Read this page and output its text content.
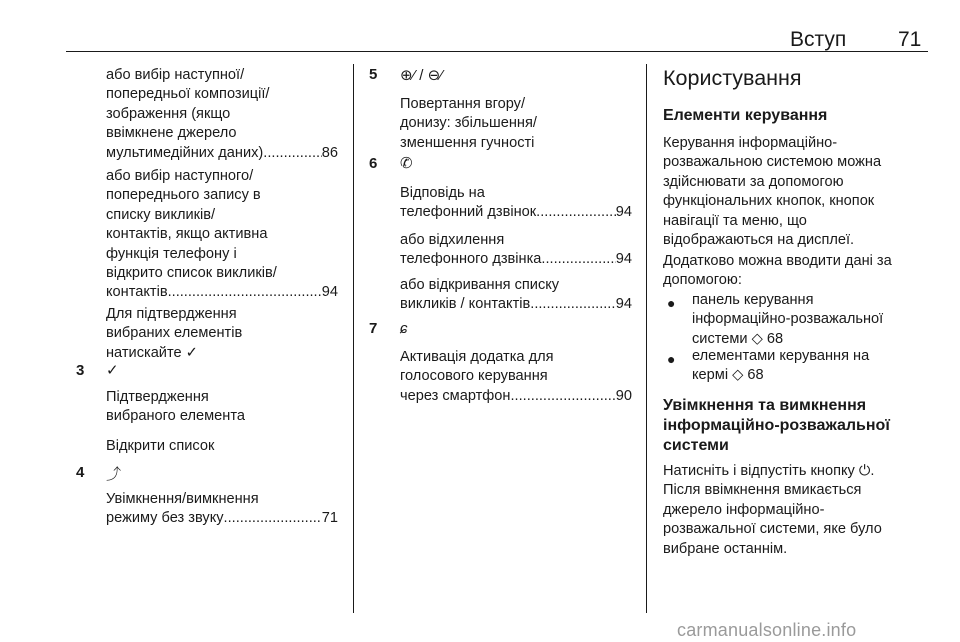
Вступ 71

або вибір наступної/

попередньої композиції/

зображення (якщо

ввімкнене джерело

мультимедійних даних) .....	86

або вибір наступного/

попереднього запису в

списку викликів/

контактів, якщо активна

функція телефону і

відкрито список викликів/

контактів .....	94

Для підтвердження

вибраних елементів

натискайте ✓

3 ✓

Підтвердження

вибраного елемента

Відкрити список

4 ⤴

Увімкнення/вимкнення

режиму без звуку .....	71
5 ⊕⁄ / ⊖⁄

Повертання вгору/

донизу: збільшення/

зменшення гучності

6 ✆

Відповідь на

телефонний дзвінок .....	94

або відхилення

телефонного дзвінка .....	94

або відкривання списку

викликів / контактів .....	94
7 ɕ

Активація додатка для

голосового керування

через смартфон .....	90
Користування
Елементи керування

Керування інформаційно-

розважальною системою можна

здійснювати за допомогою

функціональних кнопок, кнопок

навігації та меню, що

відображаються на дисплеї.

Додатково можна вводити дані за

допомогою:

● панель керування

інформаційно-розважальної

системи ◇ 68

● елементами керування на

кермі ◇ 68

Увімкнення та вимкнення
інформаційно-розважальної
системи

Натисніть і відпустіть кнопку ⏻.

Після ввімкнення вмикається

джерело інформаційно-

розважальної системи, яке було

вибране останнім.

carmanualsonline.info
